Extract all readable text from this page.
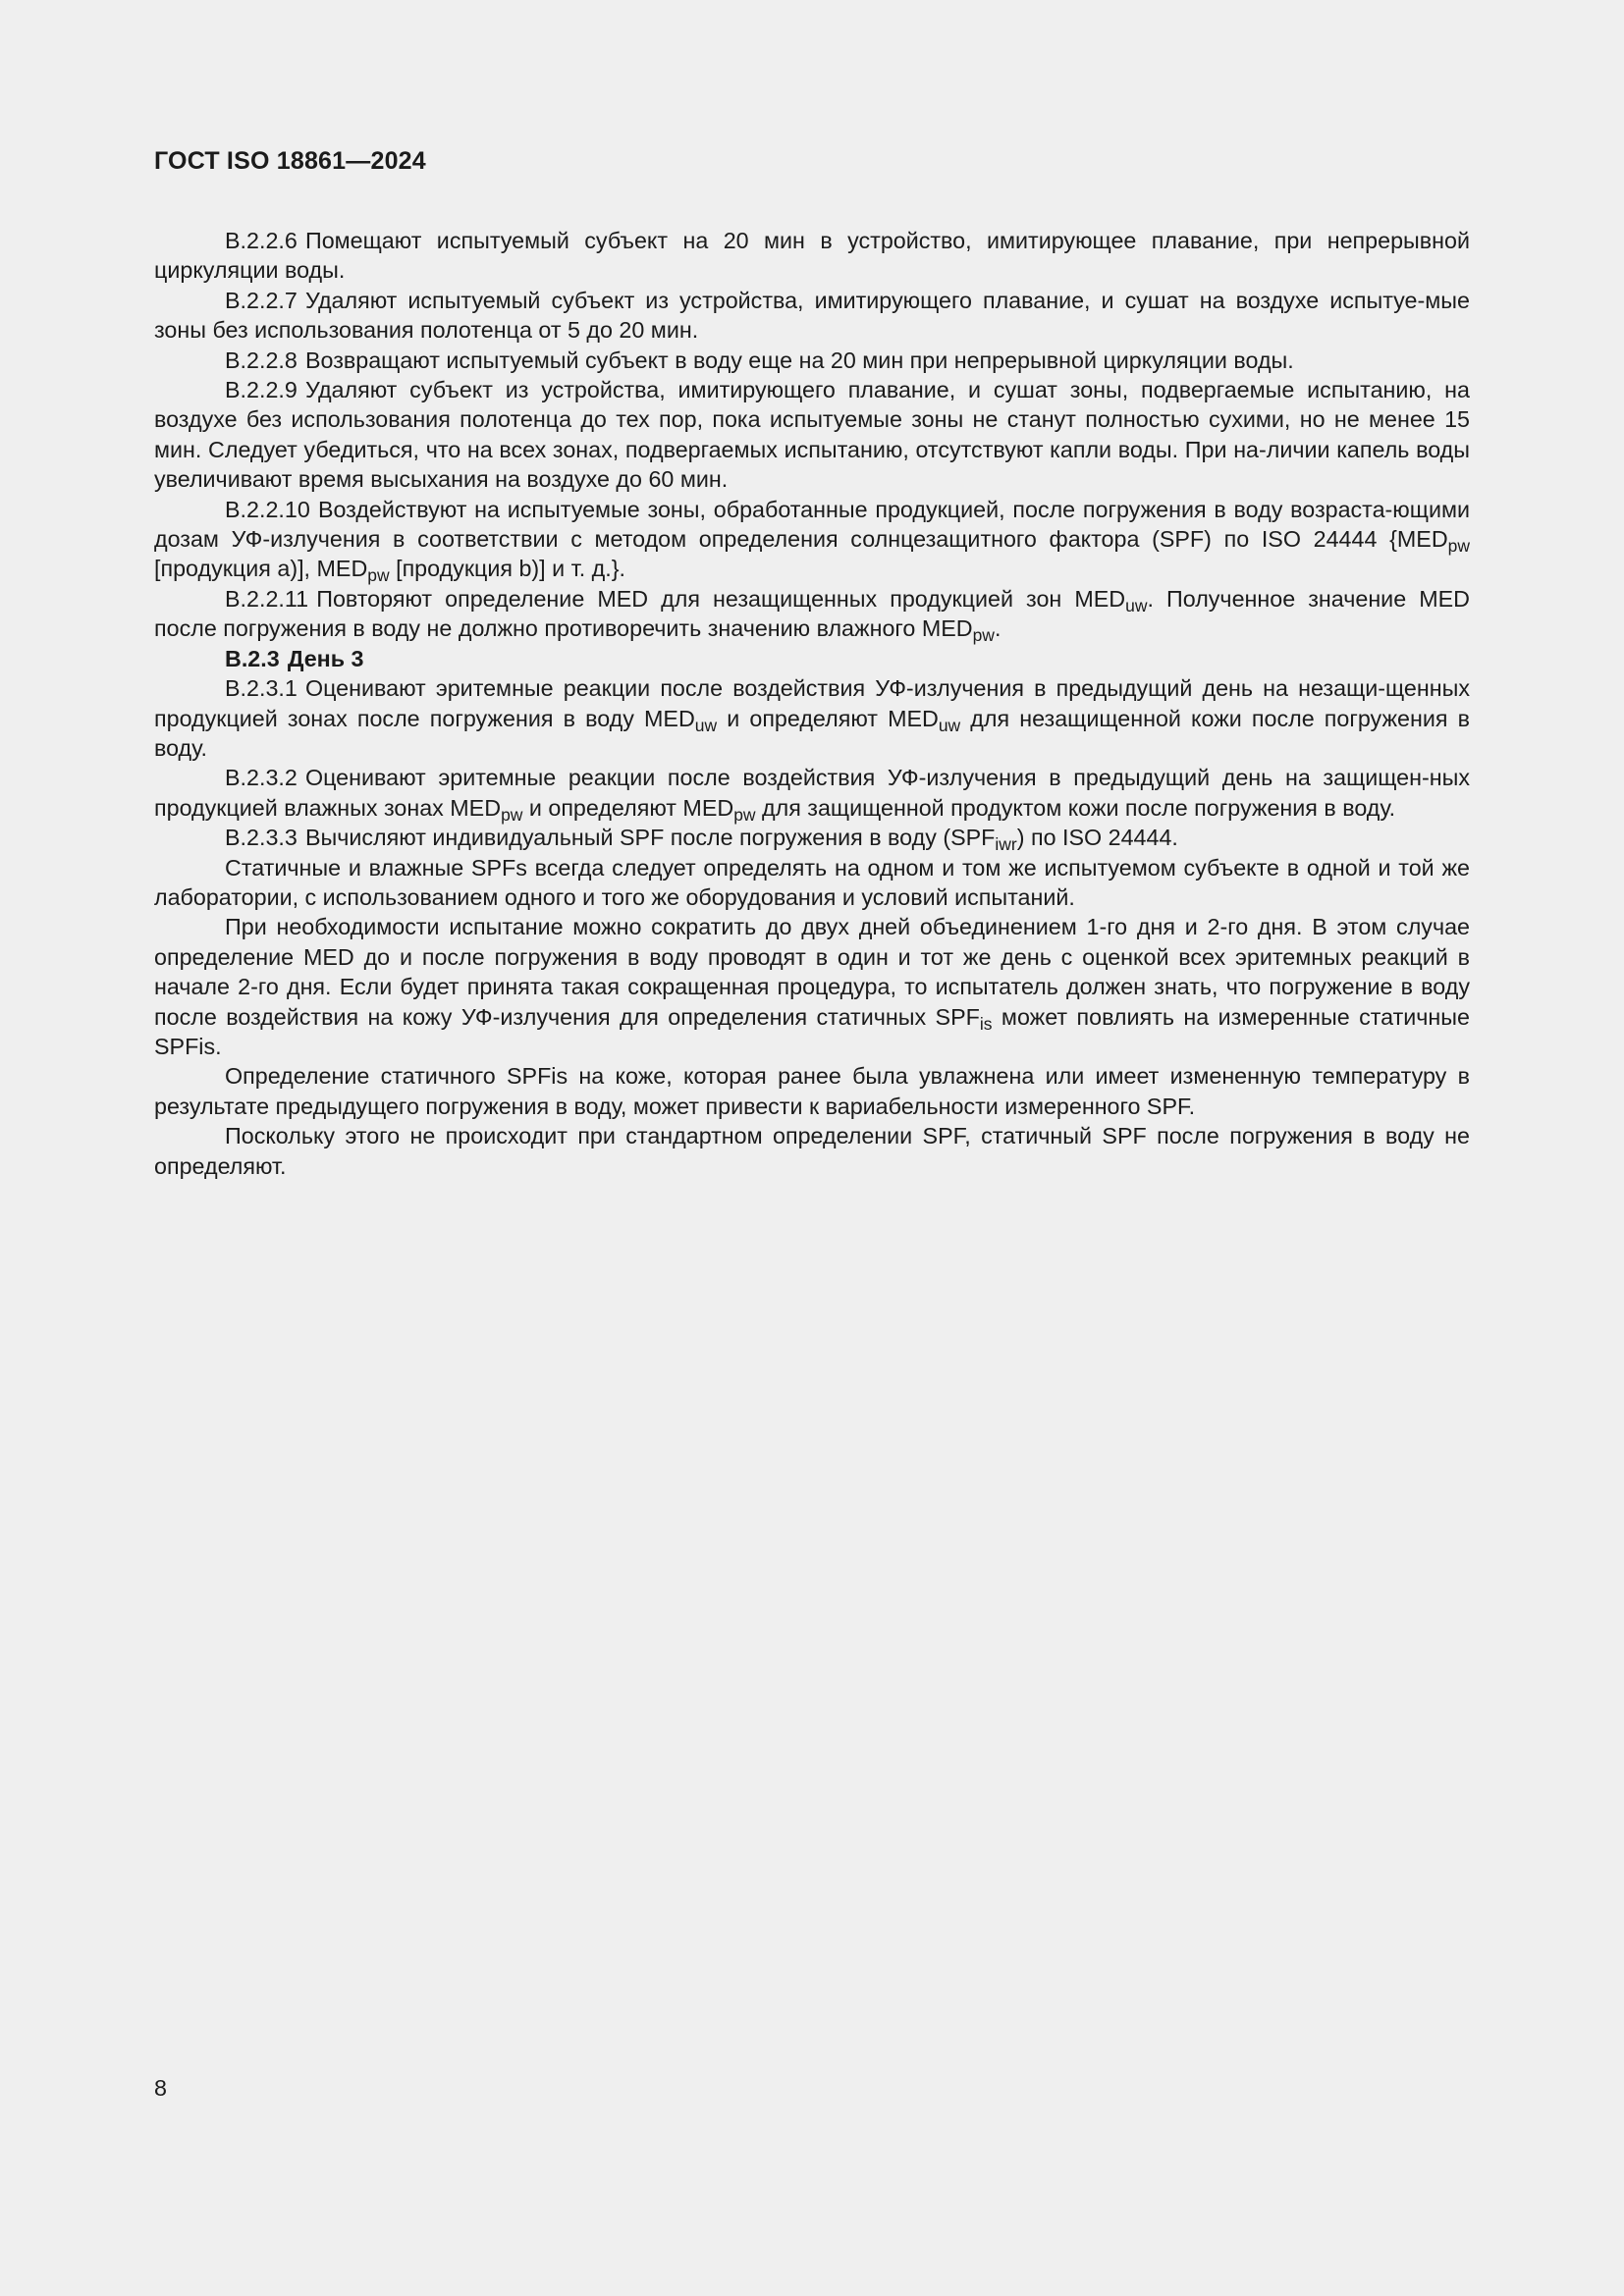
ГОСТ ISO 18861—2024

B.2.2.6 Помещают испытуемый субъект на 20 мин в устройство, имитирующее плавание, при непрерывной циркуляции воды.

B.2.2.7 Удаляют испытуемый субъект из устройства, имитирующего плавание, и сушат на воздухе испытуе-мые зоны без использования полотенца от 5 до 20 мин.

B.2.2.8 Возвращают испытуемый субъект в воду еще на 20 мин при непрерывной циркуляции воды.

B.2.2.9 Удаляют субъект из устройства, имитирующего плавание, и сушат зоны, подвергаемые испытанию, на воздухе без использования полотенца до тех пор, пока испытуемые зоны не станут полностью сухими, но не менее 15 мин. Следует убедиться, что на всех зонах, подвергаемых испытанию, отсутствуют капли воды. При на-личии капель воды увеличивают время высыхания на воздухе до 60 мин.

B.2.2.10 Воздействуют на испытуемые зоны, обработанные продукцией, после погружения в воду возраста-ющими дозам УФ-излучения в соответствии с методом определения солнцезащитного фактора (SPF) по ISO 24444 {$MED_{pw}$ [продукция а)], $MED_{pw}$ [продукция b)] и т. д.}.

B.2.2.11 Повторяют определение MED для незащищенных продукцией зон $MED_{uw}$. Полученное значение MED после погружения в воду не должно противоречить значению влажного $MED_{pw}$.

B.2.3 День 3

B.2.3.1 Оценивают эритемные реакции после воздействия УФ-излучения в предыдущий день на незащи-щенных продукцией зонах после погружения в воду $MED_{uw}$ и определяют $MED_{uw}$ для незащищенной кожи после погружения в воду.

B.2.3.2 Оценивают эритемные реакции после воздействия УФ-излучения в предыдущий день на защищен-ных продукцией влажных зонах $MED_{pw}$ и определяют $MED_{pw}$ для защищенной продуктом кожи после погружения в воду.

B.2.3.3 Вычисляют индивидуальный SPF после погружения в воду $(SPF_{iwr})$ по ISO 24444.

Статичные и влажные SPFs всегда следует определять на одном и том же испытуемом субъекте в одной и той же лаборатории, с использованием одного и того же оборудования и условий испытаний.

При необходимости испытание можно сократить до двух дней объединением 1-го дня и 2-го дня. В этом случае определение MED до и после погружения в воду проводят в один и тот же день с оценкой всех эритемных реакций в начале 2-го дня. Если будет принята такая сокращенная процедура, то испытатель должен знать, что погружение в воду после воздействия на кожу УФ-излучения для определения статичных $SPF_{is}$ может повлиять на измеренные статичные SPFis.

Определение статичного SPFis на коже, которая ранее была увлажнена или имеет измененную температуру в результате предыдущего погружения в воду, может привести к вариабельности измеренного SPF.

Поскольку этого не происходит при стандартном определении SPF, статичный SPF после погружения в воду не определяют.

8
